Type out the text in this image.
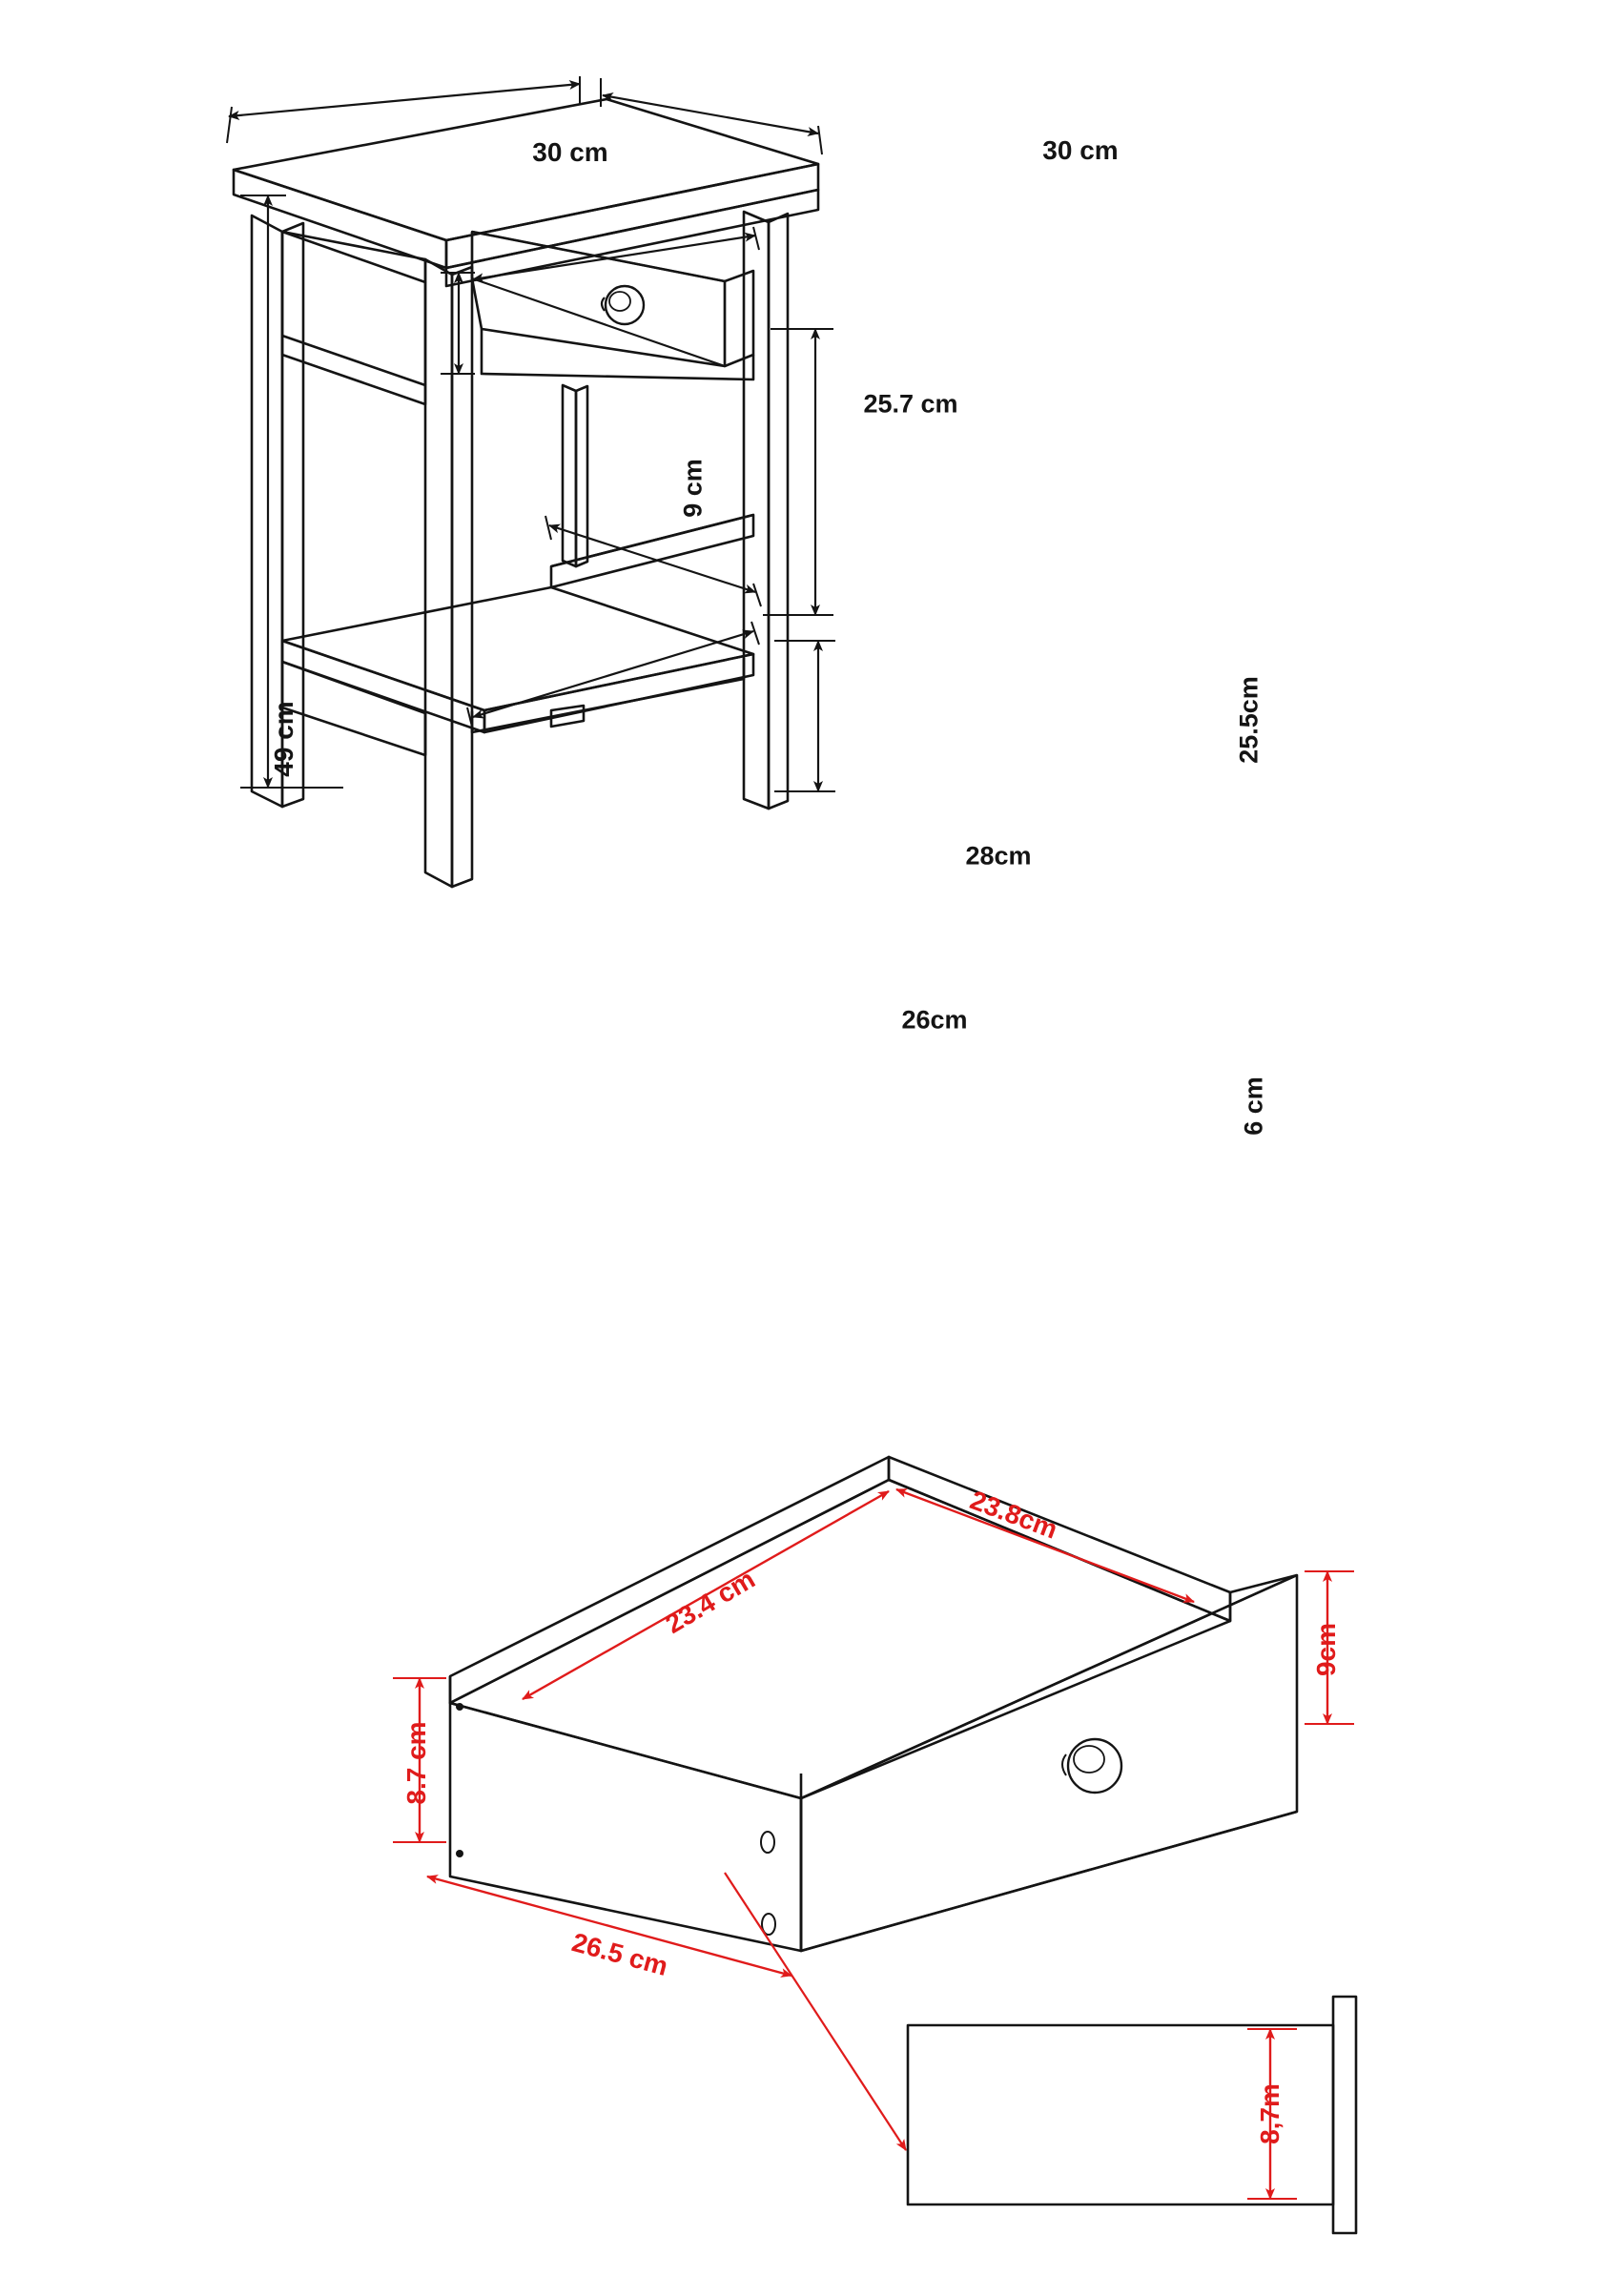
30 cm	30 cm
49 cm
25.7 cm
9 cm
25.5cm
28cm
26cm
6 cm
23.4 cm
23.8cm
8.7 cm
9cm
26.5 cm
8,7m
